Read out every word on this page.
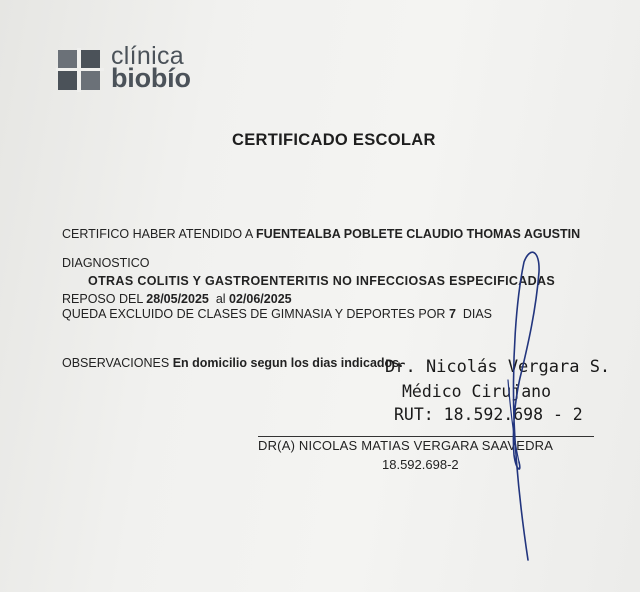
clínica
biobío
CERTIFICADO ESCOLAR
CERTIFICO HABER ATENDIDO A FUENTEALBA POBLETE CLAUDIO THOMAS AGUSTIN
DIAGNOSTICO
OTRAS COLITIS Y GASTROENTERITIS NO INFECCIOSAS ESPECIFICADAS
REPOSO DEL 28/05/2025 al 02/06/2025
QUEDA EXCLUIDO DE CLASES DE GIMNASIA Y DEPORTES POR 7 DIAS
OBSERVACIONES En domicilio segun los dias indicados.
Dr. Nicolás Vergara S.
Médico Cirujano
RUT: 18.592.698 - 2
DR(A) NICOLAS MATIAS VERGARA SAAVEDRA
18.592.698-2
